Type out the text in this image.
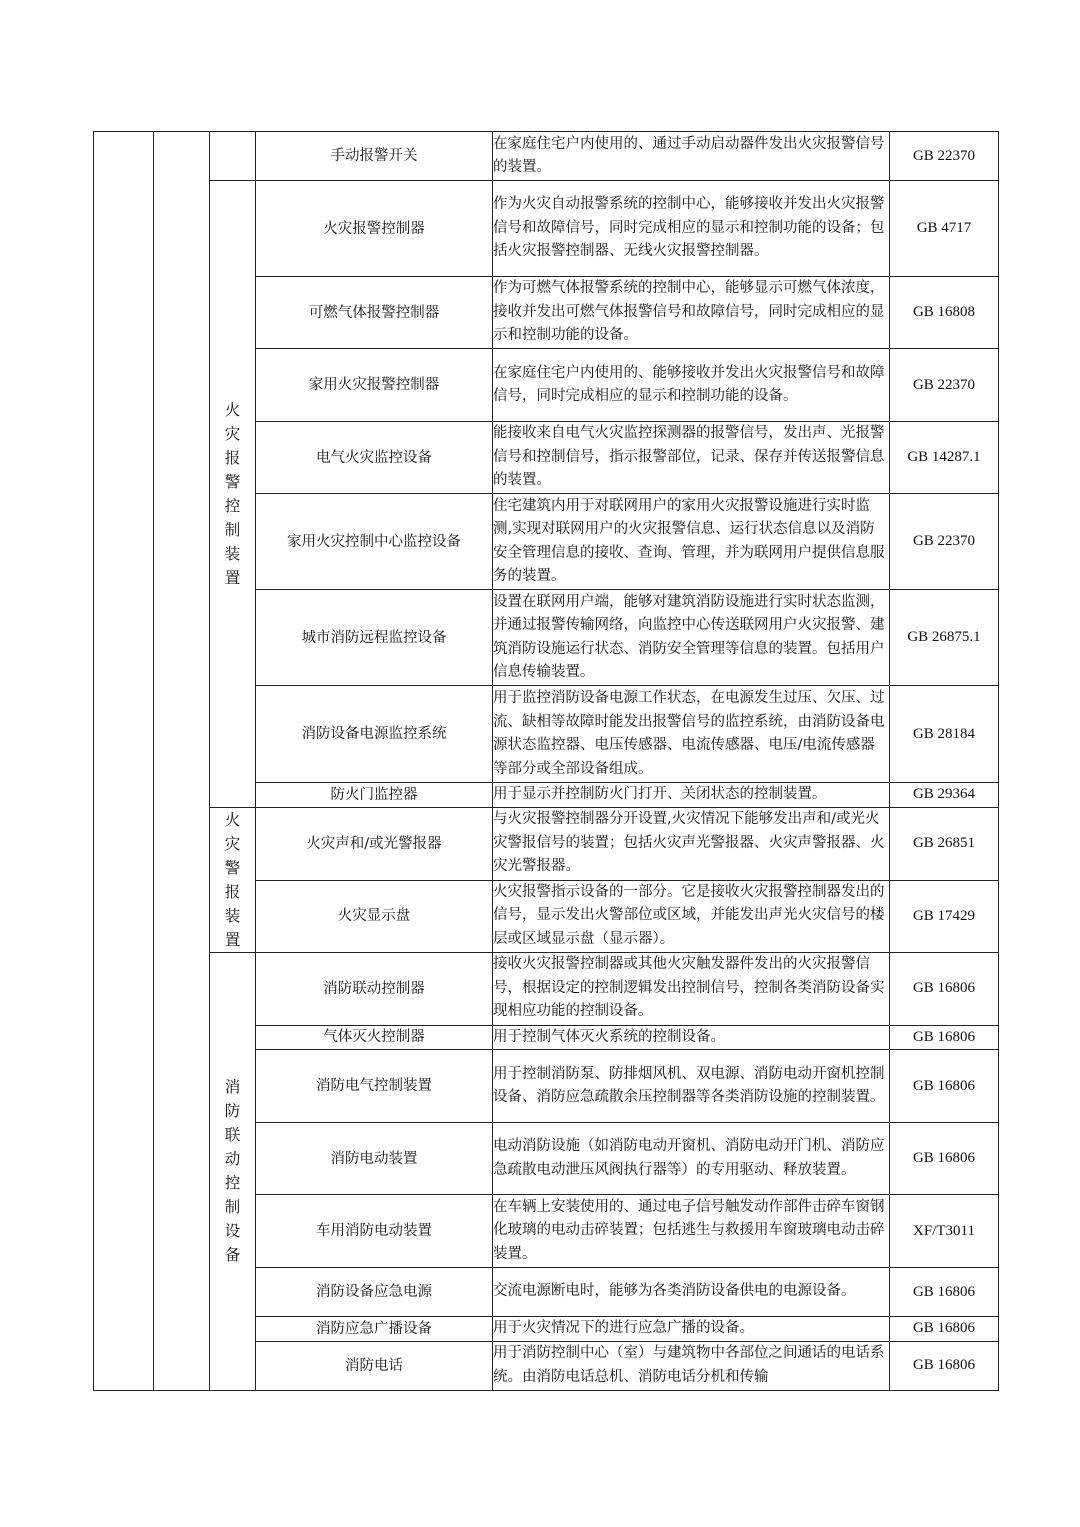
			手动报警开关	在家庭住宅户内使用的、通过手动启动器件发出火灾报警信号的装置。	GB 22370
		火灾报警控制装置	火灾报警控制器	作为火灾自动报警系统的控制中心，能够接收并发出火灾报警信号和故障信号，同时完成相应的显示和控制功能的设备；包括火灾报警控制器、无线火灾报警控制器。	GB 4717
			可燃气体报警控制器	作为可燃气体报警系统的控制中心，能够显示可燃气体浓度，接收并发出可燃气体报警信号和故障信号，同时完成相应的显示和控制功能的设备。	GB 16808
			家用火灾报警控制器	在家庭住宅户内使用的、能够接收并发出火灾报警信号和故障信号，同时完成相应的显示和控制功能的设备。	GB 22370
			电气火灾监控设备	能接收来自电气火灾监控探测器的报警信号，发出声、光报警信号和控制信号，指示报警部位，记录、保存并传送报警信息的装置。	GB 14287.1
			家用火灾控制中心监控设备	住宅建筑内用于对联网用户的家用火灾报警设施进行实时监测,实现对联网用户的火灾报警信息、运行状态信息以及消防安全管理信息的接收、查询、管理，并为联网用户提供信息服务的装置。	GB 22370
			城市消防远程监控设备	设置在联网用户端，能够对建筑消防设施进行实时状态监测，并通过报警传输网络，向监控中心传送联网用户火灾报警、建筑消防设施运行状态、消防安全管理等信息的装置。包括用户信息传输装置。	GB 26875.1
			消防设备电源监控系统	用于监控消防设备电源工作状态，在电源发生过压、欠压、过流、缺相等故障时能发出报警信号的监控系统，由消防设备电源状态监控器、电压传感器、电流传感器、电压/电流传感器等部分或全部设备组成。	GB 28184
			防火门监控器	用于显示并控制防火门打开、关闭状态的控制装置。	GB 29364
		火灾警报装置	火灾声和/或光警报器	与火灾报警控制器分开设置,火灾情况下能够发出声和/或光火灾警报信号的装置；包括火灾声光警报器、火灾声警报器、火灾光警报器。	GB 26851
			火灾显示盘	火灾报警指示设备的一部分。它是接收火灾报警控制器发出的信号，显示发出火警部位或区域，并能发出声光火灾信号的楼层或区域显示盘（显示器）。	GB 17429
		消防联动控制设备	消防联动控制器	接收火灾报警控制器或其他火灾触发器件发出的火灾报警信号，根据设定的控制逻辑发出控制信号，控制各类消防设备实现相应功能的控制设备。	GB 16806
			气体灭火控制器	用于控制气体灭火系统的控制设备。	GB 16806
			消防电气控制装置	用于控制消防泵、防排烟风机、双电源、消防电动开窗机控制设备、消防应急疏散余压控制器等各类消防设施的控制装置。	GB 16806
			消防电动装置	电动消防设施（如消防电动开窗机、消防电动开门机、消防应急疏散电动泄压风阀执行器等）的专用驱动、释放装置。	GB 16806
			车用消防电动装置	在车辆上安装使用的、通过电子信号触发动作部件击碎车窗钢化玻璃的电动击碎装置；包括逃生与救援用车窗玻璃电动击碎装置。	XF/T3011
			消防设备应急电源	交流电源断电时，能够为各类消防设备供电的电源设备。	GB 16806
			消防应急广播设备	用于火灾情况下的进行应急广播的设备。	GB 16806
			消防电话	用于消防控制中心（室）与建筑物中各部位之间通话的电话系统。由消防电话总机、消防电话分机和传输	GB 16806
